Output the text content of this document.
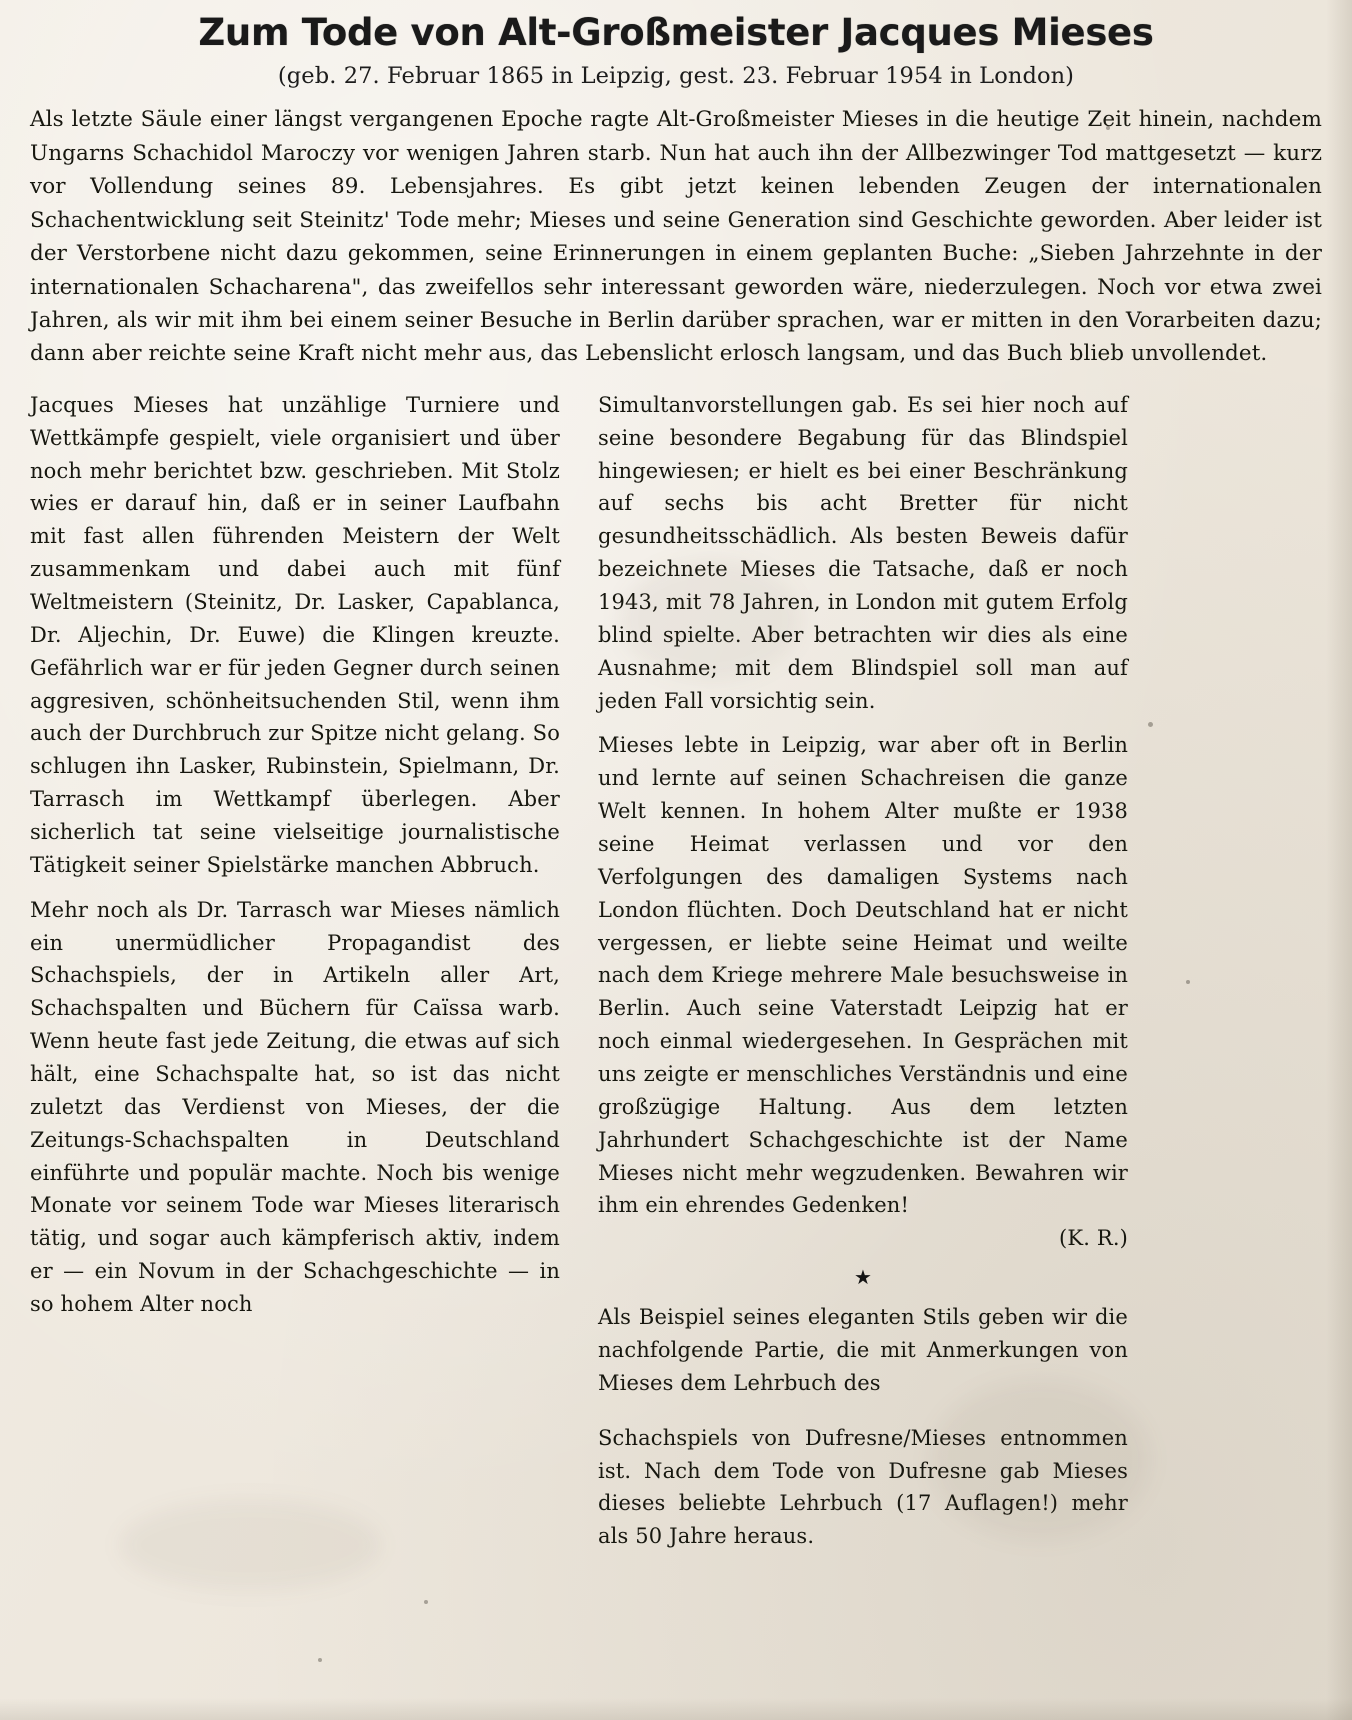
Zum Tode von Alt-Großmeister Jacques Mieses
(geb. 27. Februar 1865 in Leipzig, gest. 23. Februar 1954 in London)

Als letzte Säule einer längst vergangenen Epoche ragte Alt-Großmeister Mieses in die heutige Zeit hinein, nachdem Ungarns Schachidol Maroczy vor wenigen Jahren starb. Nun hat auch ihn der Allbezwinger Tod mattgesetzt — kurz vor Vollendung seines 89. Lebensjahres. Es gibt jetzt keinen lebenden Zeugen der internationalen Schachentwicklung seit Steinitz' Tode mehr; Mieses und seine Generation sind Geschichte geworden. Aber leider ist der Verstorbene nicht dazu gekommen, seine Erinnerungen in einem geplanten Buche: „Sieben Jahrzehnte in der internationalen Schacharena", das zweifellos sehr interessant geworden wäre, niederzulegen. Noch vor etwa zwei Jahren, als wir mit ihm bei einem seiner Besuche in Berlin darüber sprachen, war er mitten in den Vorarbeiten dazu; dann aber reichte seine Kraft nicht mehr aus, das Lebenslicht erlosch langsam, und das Buch blieb unvollendet.

Jacques Mieses hat unzählige Turniere und Wettkämpfe gespielt, viele organisiert und über noch mehr berichtet bzw. geschrieben. Mit Stolz wies er darauf hin, daß er in seiner Laufbahn mit fast allen führenden Meistern der Welt zusammenkam und dabei auch mit fünf Weltmeistern (Steinitz, Dr. Lasker, Capablanca, Dr. Aljechin, Dr. Euwe) die Klingen kreuzte. Gefährlich war er für jeden Gegner durch seinen aggresiven, schönheitsuchenden Stil, wenn ihm auch der Durchbruch zur Spitze nicht gelang. So schlugen ihn Lasker, Rubinstein, Spielmann, Dr. Tarrasch im Wettkampf überlegen. Aber sicherlich tat seine vielseitige journalistische Tätigkeit seiner Spielstärke manchen Abbruch.

Mehr noch als Dr. Tarrasch war Mieses nämlich ein unermüdlicher Propagandist des Schachspiels, der in Artikeln aller Art, Schachspalten und Büchern für Caïssa warb. Wenn heute fast jede Zeitung, die etwas auf sich hält, eine Schachspalte hat, so ist das nicht zuletzt das Verdienst von Mieses, der die Zeitungs-Schachspalten in Deutschland einführte und populär machte. Noch bis wenige Monate vor seinem Tode war Mieses literarisch tätig, und sogar auch kämpferisch aktiv, indem er — ein Novum in der Schachgeschichte — in so hohem Alter noch

Simultanvorstellungen gab. Es sei hier noch auf seine besondere Begabung für das Blindspiel hingewiesen; er hielt es bei einer Beschränkung auf sechs bis acht Bretter für nicht gesundheitsschädlich. Als besten Beweis dafür bezeichnete Mieses die Tatsache, daß er noch 1943, mit 78 Jahren, in London mit gutem Erfolg blind spielte. Aber betrachten wir dies als eine Ausnahme; mit dem Blindspiel soll man auf jeden Fall vorsichtig sein.

Mieses lebte in Leipzig, war aber oft in Berlin und lernte auf seinen Schachreisen die ganze Welt kennen. In hohem Alter mußte er 1938 seine Heimat verlassen und vor den Verfolgungen des damaligen Systems nach London flüchten. Doch Deutschland hat er nicht vergessen, er liebte seine Heimat und weilte nach dem Kriege mehrere Male besuchsweise in Berlin. Auch seine Vaterstadt Leipzig hat er noch einmal wiedergesehen. In Gesprächen mit uns zeigte er menschliches Verständnis und eine großzügige Haltung. Aus dem letzten Jahrhundert Schachgeschichte ist der Name Mieses nicht mehr wegzudenken. Bewahren wir ihm ein ehrendes Gedenken!
(K. R.)

★

Als Beispiel seines eleganten Stils geben wir die nachfolgende Partie, die mit Anmerkungen von Mieses dem Lehrbuch des

Schachspiels von Dufresne/Mieses entnommen ist. Nach dem Tode von Dufresne gab Mieses dieses beliebte Lehrbuch (17 Auflagen!) mehr als 50 Jahre heraus.
